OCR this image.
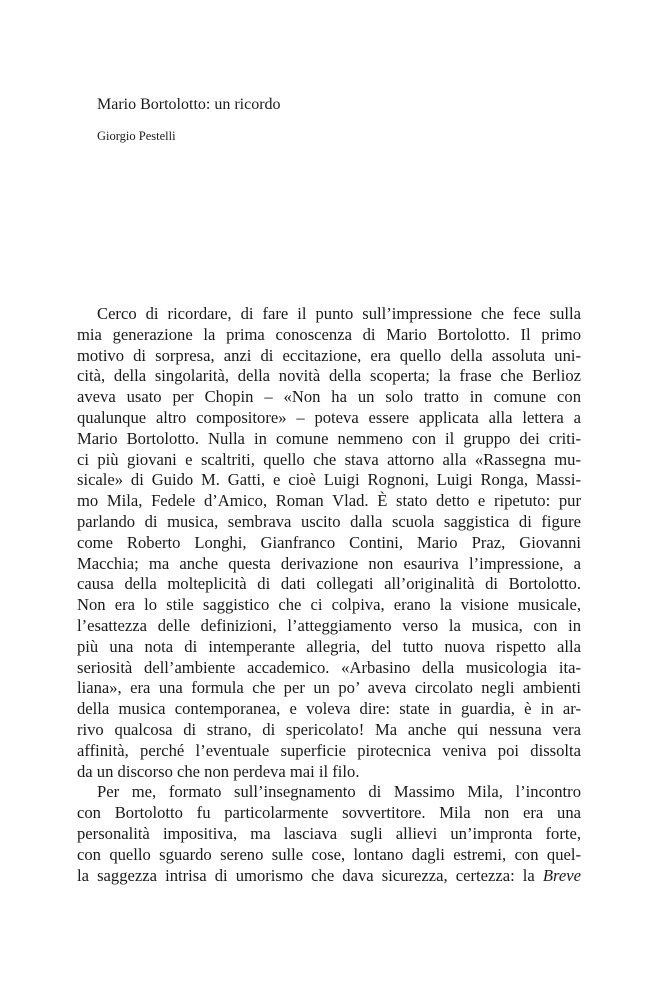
Mario Bortolotto: un ricordo

Giorgio Pestelli

Cerco di ricordare, di fare il punto sull’impressione che fece sulla
mia generazione la prima conoscenza di Mario Bortolotto. Il primo
motivo di sorpresa, anzi di eccitazione, era quello della assoluta uni-
cità, della singolarità, della novità della scoperta; la frase che Berlioz
aveva usato per Chopin – «Non ha un solo tratto in comune con
qualunque altro compositore» – poteva essere applicata alla lettera a
Mario Bortolotto. Nulla in comune nemmeno con il gruppo dei criti-
ci più giovani e scaltriti, quello che stava attorno alla «Rassegna mu-
sicale» di Guido M. Gatti, e cioè Luigi Rognoni, Luigi Ronga, Massi-
mo Mila, Fedele d’Amico, Roman Vlad. È stato detto e ripetuto: pur
parlando di musica, sembrava uscito dalla scuola saggistica di figure
come Roberto Longhi, Gianfranco Contini, Mario Praz, Giovanni
Macchia; ma anche questa derivazione non esauriva l’impressione, a
causa della molteplicità di dati collegati all’originalità di Bortolotto.
Non era lo stile saggistico che ci colpiva, erano la visione musicale,
l’esattezza delle definizioni, l’atteggiamento verso la musica, con in
più una nota di intemperante allegria, del tutto nuova rispetto alla
seriosità dell’ambiente accademico. «Arbasino della musicologia ita-
liana», era una formula che per un po’ aveva circolato negli ambienti
della musica contemporanea, e voleva dire: state in guardia, è in ar-
rivo qualcosa di strano, di spericolato! Ma anche qui nessuna vera
affinità, perché l’eventuale superficie pirotecnica veniva poi dissolta
da un discorso che non perdeva mai il filo.

Per me, formato sull’insegnamento di Massimo Mila, l’incontro
con Bortolotto fu particolarmente sovvertitore. Mila non era una
personalità impositiva, ma lasciava sugli allievi un’impronta forte,
con quello sguardo sereno sulle cose, lontano dagli estremi, con quel-
la saggezza intrisa di umorismo che dava sicurezza, certezza: la Breve
